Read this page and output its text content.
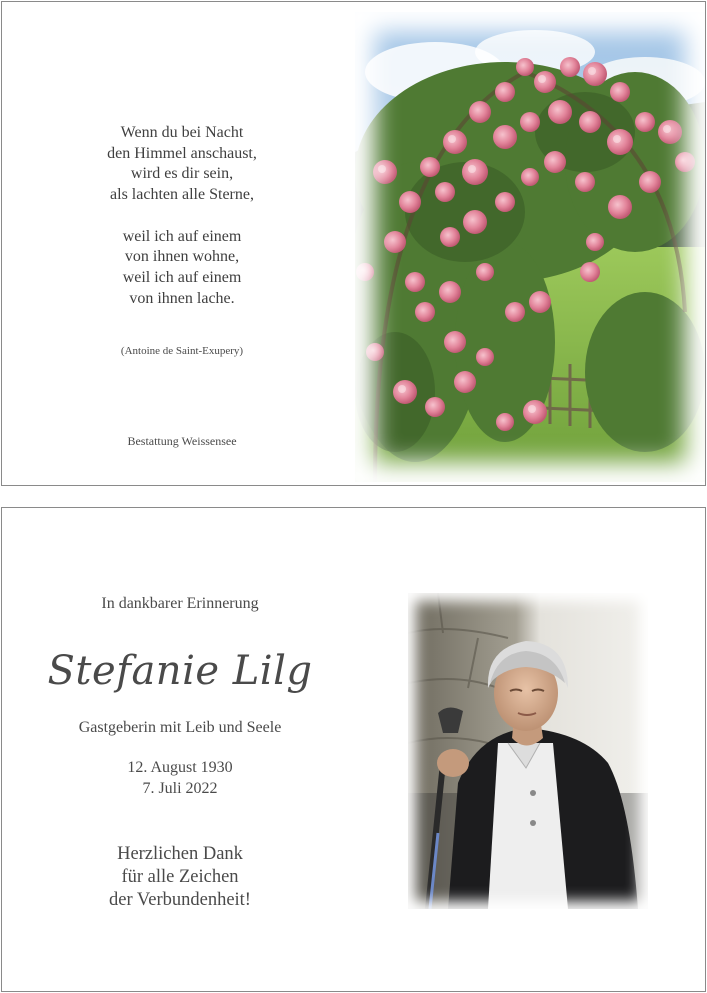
Wenn du bei Nacht
den Himmel anschaust,
wird es dir sein,
als lachten alle Sterne,
weil ich auf einem
von ihnen wohne,
weil ich auf einem
von ihnen lache.
(Antoine de Saint-Exupery)
Bestattung Weissensee
In dankbarer Erinnerung
Stefanie Lilg
Gastgeberin mit Leib und Seele
12. August 1930
7. Juli 2022
Herzlichen Dank
für alle Zeichen
der Verbundenheit!
